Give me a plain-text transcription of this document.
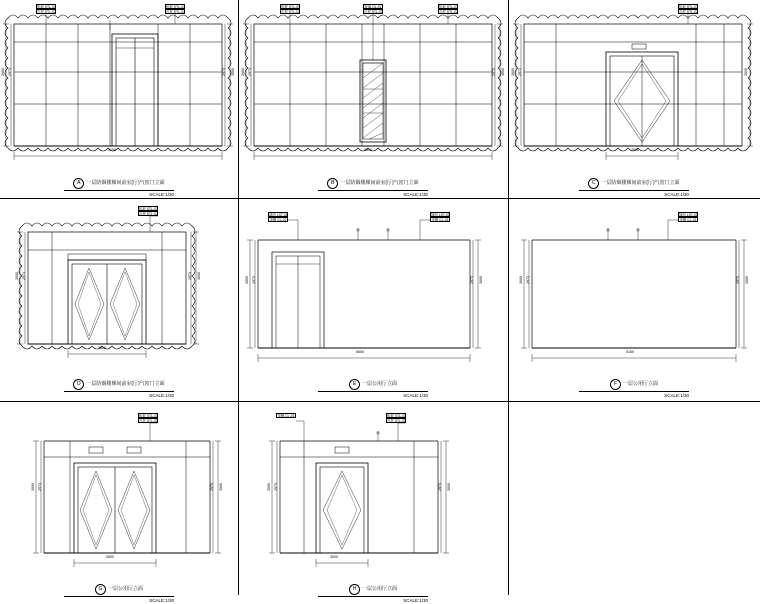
铝板 STL-01
石材 STL-02
铝板 STL-01
石材 STL-02
3000 2973	2973 3000
4150
A	一层防烟楼梯间前室(厅)气密门立面
SCALE:1/30
铝板 STL-01
石材 STL-02
玻璃 GL-01
石材 STL-02
铝板 STL-01
石材 STL-02
3000 2973	2973 3000
4850
B	一层防烟楼梯间前室(厅)气密门立面
SCALE:1/30
铝板 STL-01
石材 STL-02
3000 2973	3000
2600
C	一层防烟楼梯间前室(厅)气密门立面
SCALE:1/30
铝板 STL-01
石材 STL-02
3000 2973	2973 3000
3855
D	一层防烟楼梯间前室(厅)气密门立面
SCALE:1/30
墙面 LST-01
顶棚 CL-01
墙面 LST-01
顶棚 CL-01
3000 2973	2973 3000
5650
E	一层公用厅立面
SCALE:1/30
墙面 LST-01
顶棚 CL-01
3000 2973	2973 3000
5150
F	一层公用厅立面
SCALE:1/30
铝板 STL-01
石材 STL-02
3000 2973	2973 3000
3500
G	一层公用厅立面
SCALE:1/30
顶棚 CL-01	铝板 STL-01
石材 STL-02
3000 2973	2973 3000
3000
H	一层公用厅立面
SCALE:1/30
